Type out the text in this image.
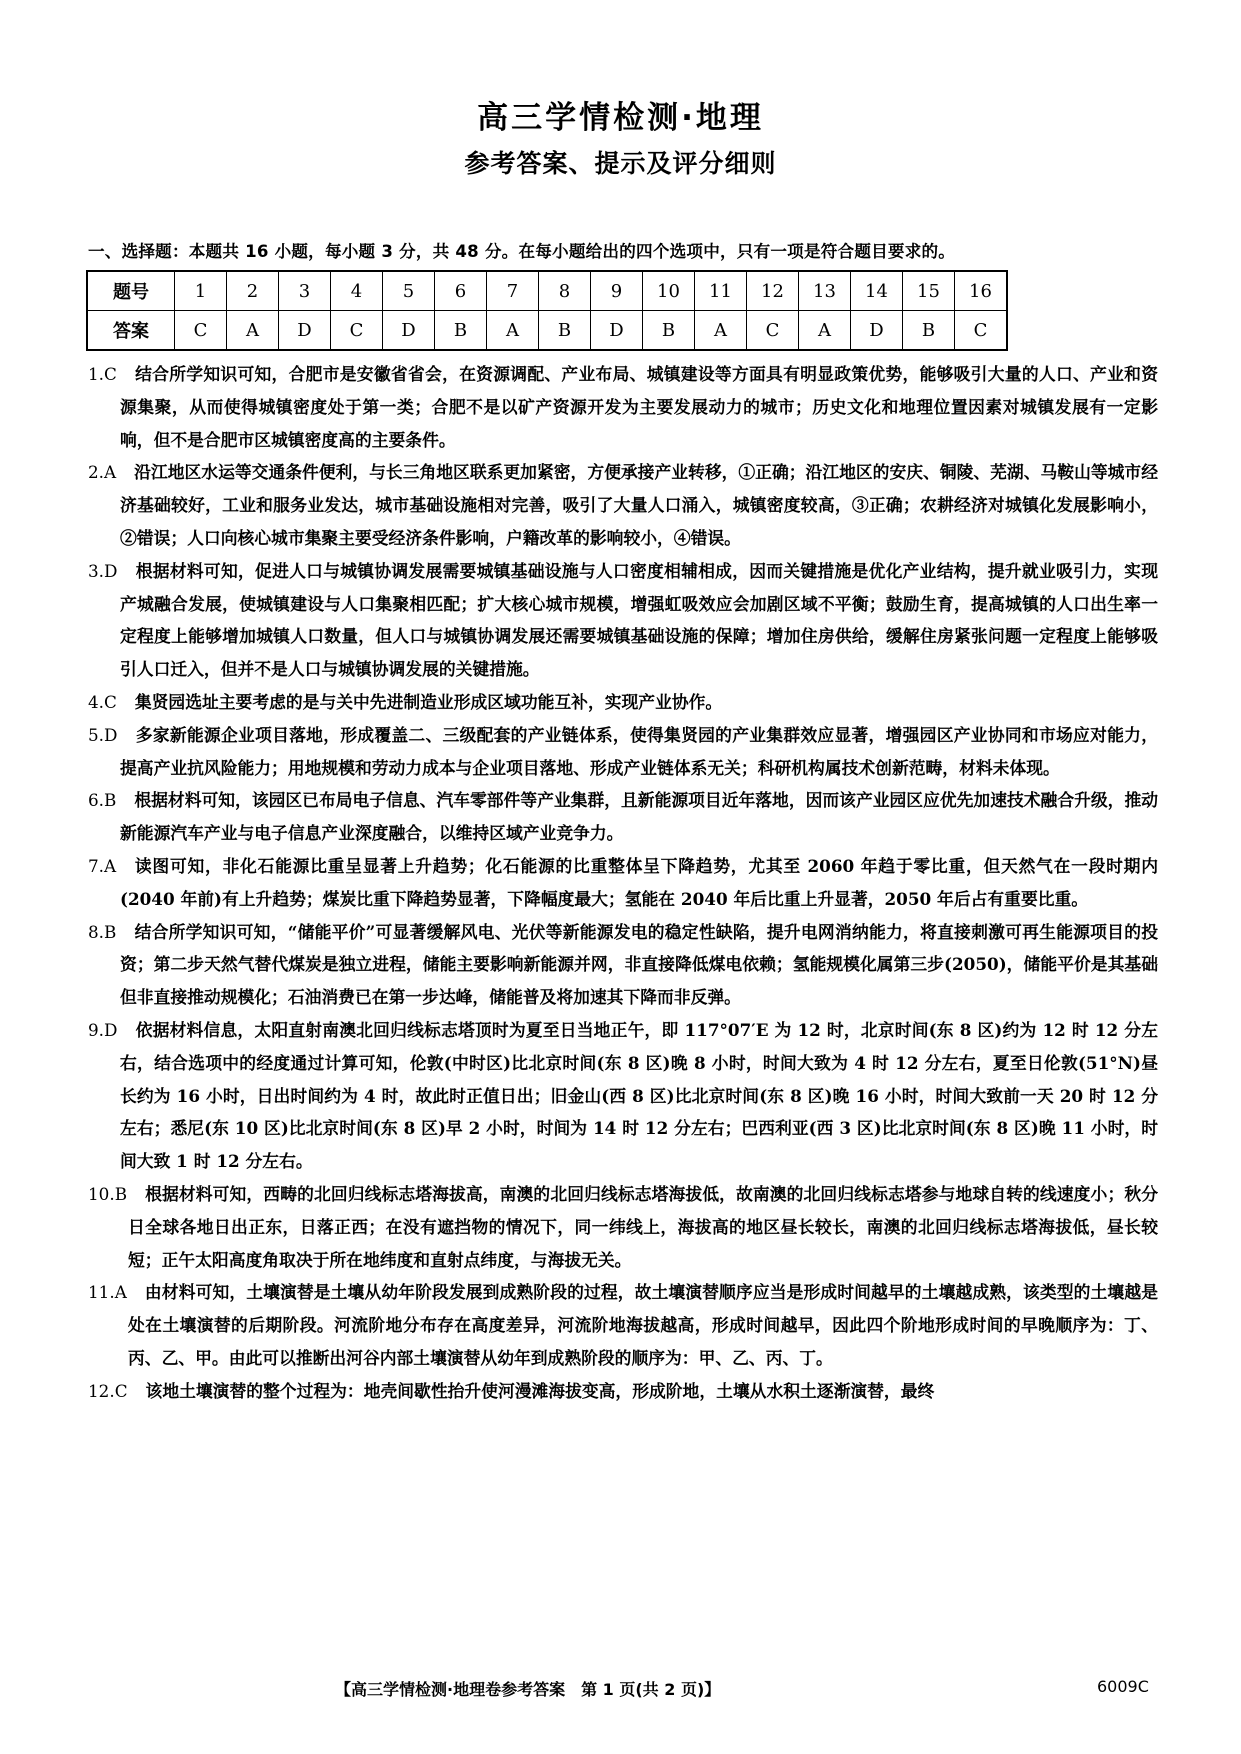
高三学情检测·地理
参考答案、提示及评分细则
一、选择题：本题共 16 小题，每小题 3 分，共 48 分。在每小题给出的四个选项中，只有一项是符合题目要求的。
题号	1	2	3	4	5	6	7	8	9	10	11	12	13	14	15	16
答案	C	A	D	C	D	B	A	B	D	B	A	C	A	D	B	C
1.C 结合所学知识可知，合肥市是安徽省省会，在资源调配、产业布局、城镇建设等方面具有明显政策优势，能够吸引大量的人口、产业和资源集聚，从而使得城镇密度处于第一类；合肥不是以矿产资源开发为主要发展动力的城市；历史文化和地理位置因素对城镇发展有一定影响，但不是合肥市区城镇密度高的主要条件。
2.A 沿江地区水运等交通条件便利，与长三角地区联系更加紧密，方便承接产业转移，①正确；沿江地区的安庆、铜陵、芜湖、马鞍山等城市经济基础较好，工业和服务业发达，城市基础设施相对完善，吸引了大量人口涌入，城镇密度较高，③正确；农耕经济对城镇化发展影响小，②错误；人口向核心城市集聚主要受经济条件影响，户籍改革的影响较小，④错误。
3.D 根据材料可知，促进人口与城镇协调发展需要城镇基础设施与人口密度相辅相成，因而关键措施是优化产业结构，提升就业吸引力，实现产城融合发展，使城镇建设与人口集聚相匹配；扩大核心城市规模，增强虹吸效应会加剧区域不平衡；鼓励生育，提高城镇的人口出生率一定程度上能够增加城镇人口数量，但人口与城镇协调发展还需要城镇基础设施的保障；增加住房供给，缓解住房紧张问题一定程度上能够吸引人口迁入，但并不是人口与城镇协调发展的关键措施。
4.C 集贤园选址主要考虑的是与关中先进制造业形成区域功能互补，实现产业协作。
5.D 多家新能源企业项目落地，形成覆盖二、三级配套的产业链体系，使得集贤园的产业集群效应显著，增强园区产业协同和市场应对能力，提高产业抗风险能力；用地规模和劳动力成本与企业项目落地、形成产业链体系无关；科研机构属技术创新范畴，材料未体现。
6.B 根据材料可知，该园区已布局电子信息、汽车零部件等产业集群，且新能源项目近年落地，因而该产业园区应优先加速技术融合升级，推动新能源汽车产业与电子信息产业深度融合，以维持区域产业竞争力。
7.A 读图可知，非化石能源比重呈显著上升趋势；化石能源的比重整体呈下降趋势，尤其至 2060 年趋于零比重，但天然气在一段时期内(2040 年前)有上升趋势；煤炭比重下降趋势显著，下降幅度最大；氢能在 2040 年后比重上升显著，2050 年后占有重要比重。
8.B 结合所学知识可知，“储能平价”可显著缓解风电、光伏等新能源发电的稳定性缺陷，提升电网消纳能力，将直接刺激可再生能源项目的投资；第二步天然气替代煤炭是独立进程，储能主要影响新能源并网，非直接降低煤电依赖；氢能规模化属第三步(2050)，储能平价是其基础但非直接推动规模化；石油消费已在第一步达峰，储能普及将加速其下降而非反弹。
9.D 依据材料信息，太阳直射南澳北回归线标志塔顶时为夏至日当地正午，即 117°07′E 为 12 时，北京时间(东 8 区)约为 12 时 12 分左右，结合选项中的经度通过计算可知，伦敦(中时区)比北京时间(东 8 区)晚 8 小时，时间大致为 4 时 12 分左右，夏至日伦敦(51°N)昼长约为 16 小时，日出时间约为 4 时，故此时正值日出；旧金山(西 8 区)比北京时间(东 8 区)晚 16 小时，时间大致前一天 20 时 12 分左右；悉尼(东 10 区)比北京时间(东 8 区)早 2 小时，时间为 14 时 12 分左右；巴西利亚(西 3 区)比北京时间(东 8 区)晚 11 小时，时间大致 1 时 12 分左右。
10.B 根据材料可知，西畴的北回归线标志塔海拔高，南澳的北回归线标志塔海拔低，故南澳的北回归线标志塔参与地球自转的线速度小；秋分日全球各地日出正东，日落正西；在没有遮挡物的情况下，同一纬线上，海拔高的地区昼长较长，南澳的北回归线标志塔海拔低，昼长较短；正午太阳高度角取决于所在地纬度和直射点纬度，与海拔无关。
11.A 由材料可知，土壤演替是土壤从幼年阶段发展到成熟阶段的过程，故土壤演替顺序应当是形成时间越早的土壤越成熟，该类型的土壤越是处在土壤演替的后期阶段。河流阶地分布存在高度差异，河流阶地海拔越高，形成时间越早，因此四个阶地形成时间的早晚顺序为：丁、丙、乙、甲。由此可以推断出河谷内部土壤演替从幼年到成熟阶段的顺序为：甲、乙、丙、丁。
12.C 该地土壤演替的整个过程为：地壳间歇性抬升使河漫滩海拔变高，形成阶地，土壤从水积土逐渐演替，最终
【高三学情检测·地理卷参考答案　第 1 页(共 2 页)】	6009C
